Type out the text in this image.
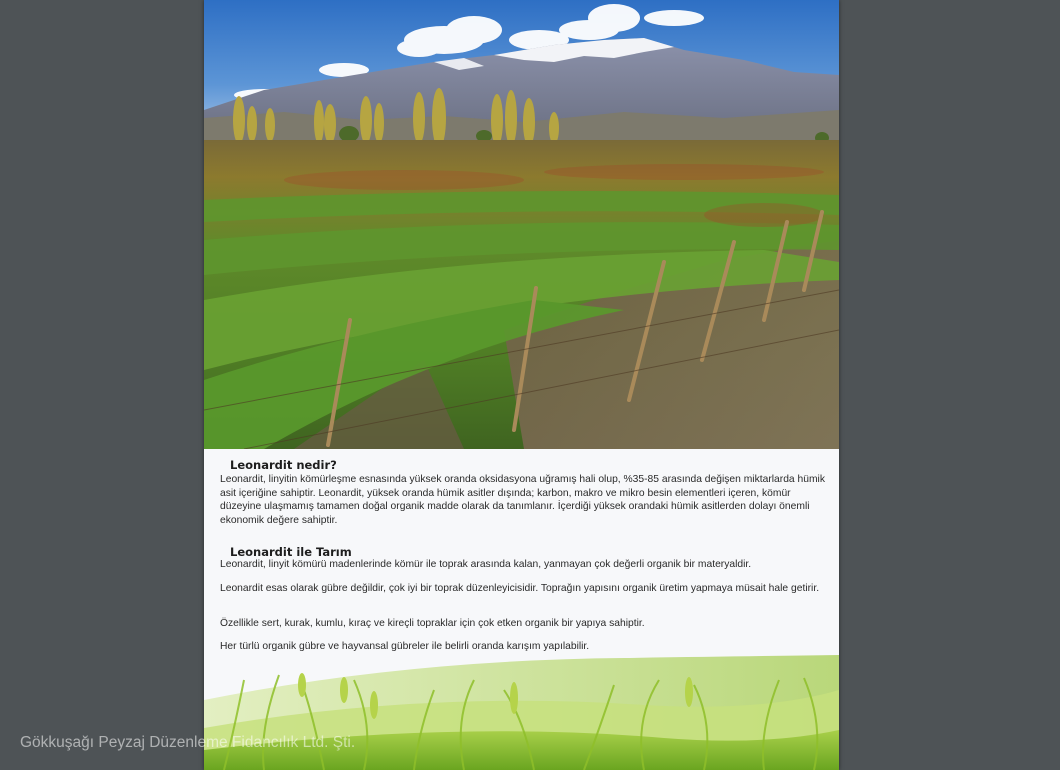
Leonardit nedir?

Leonardit, linyitin kömürleşme esnasında yüksek oranda oksidasyona uğramış hali olup, %35-85 arasında değişen miktarlarda hümik asit içeriğine sahiptir. Leonardit, yüksek oranda hümik asitler dışında; karbon, makro ve mikro besin elementleri içeren, kömür düzeyine ulaşmamış tamamen doğal organik madde olarak da tanımlanır. İçerdiği yüksek orandaki hümik asitlerden dolayı önemli ekonomik değere sahiptir.

Leonardit ile Tarım

Leonardit, linyit kömürü madenlerinde kömür ile toprak arasında kalan, yanmayan çok değerli organik bir materyaldir.

Leonardit esas olarak gübre değildir, çok iyi bir toprak düzenleyicisidir. Toprağın yapısını organik üretim yapmaya müsait hale getirir.

Özellikle sert, kurak, kumlu, kıraç ve kireçli topraklar için çok etken organik bir yapıya sahiptir.

Her türlü organik gübre ve hayvansal gübreler ile belirli oranda karışım yapılabilir.

Gökkuşağı Peyzaj Düzenleme Fidancılık Ltd. Şti.
